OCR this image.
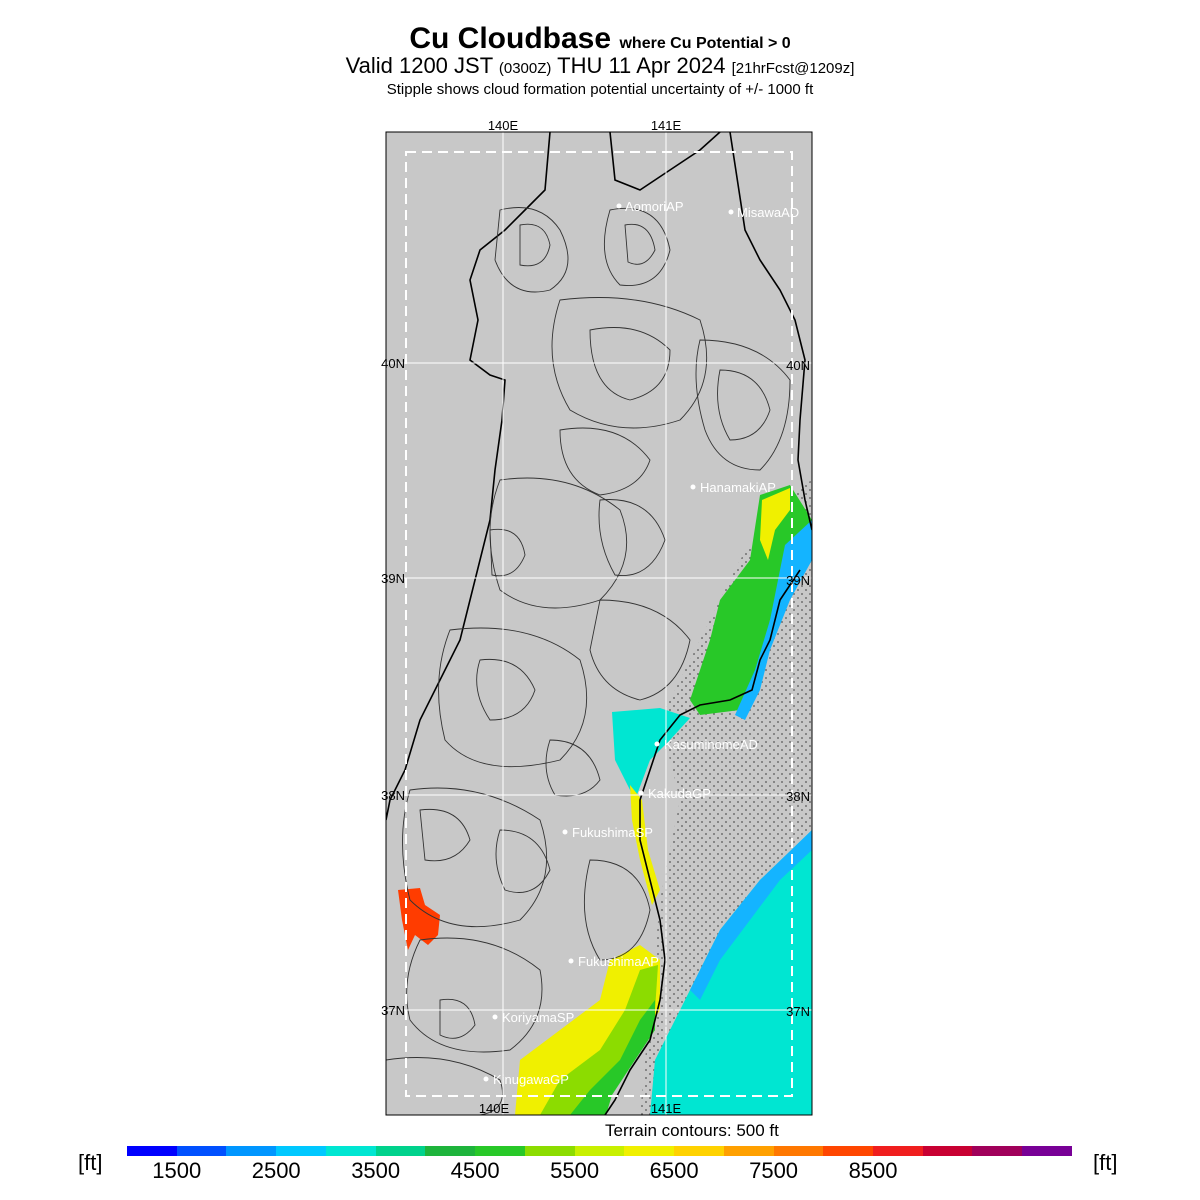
Cu Cloudbase where Cu Potential > 0
Valid 1200 JST (0300Z) THU 11 Apr 2024 [21hrFcst@1209z]
Stipple shows cloud formation potential uncertainty of +/- 1000 ft
140E	141E
140E	141E
40N
39N
38N
37N
40N
39N
38N
37N
AomoriAP	MisawaAD
HanamakiAP
KasuminomeAD
KakudaGP
FukushimaSP
FukushimaAP
KoriyamaSP
KinugawaGP
Terrain contours: 500 ft
[ft]	[ft]
1500 2500 3500 4500 5500 6500 7500 8500
